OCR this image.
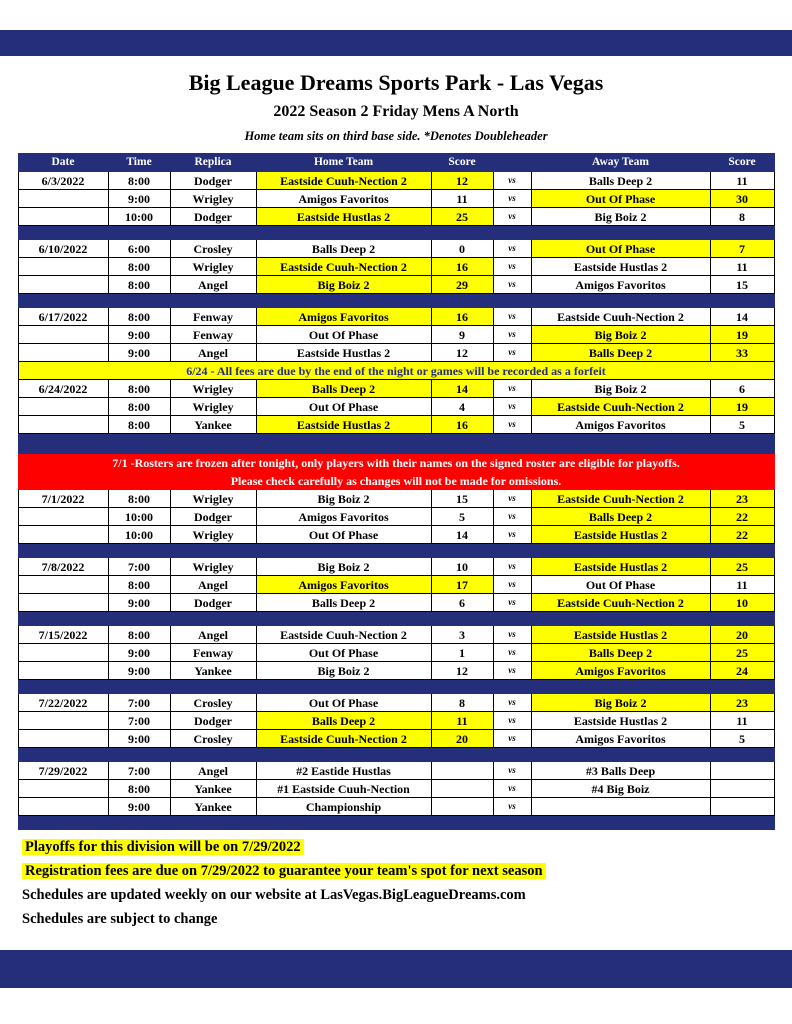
Big League Dreams Sports Park - Las Vegas
2022 Season 2 Friday Mens A North
Home team sits on third base side. *Denotes Doubleheader
Date	Time	Replica	Home Team	Score		Away Team	Score
6/3/2022	8:00	Dodger	Eastside Cuuh-Nection 2	12	vs	Balls Deep 2	11
	9:00	Wrigley	Amigos Favoritos	11	vs	Out Of Phase	30
	10:00	Dodger	Eastside Hustlas 2	25	vs	Big Boiz 2	8

6/10/2022	6:00	Crosley	Balls Deep 2	0	vs	Out Of Phase	7
	8:00	Wrigley	Eastside Cuuh-Nection 2	16	vs	Eastside Hustlas 2	11
	8:00	Angel	Big Boiz 2	29	vs	Amigos Favoritos	15

6/17/2022	8:00	Fenway	Amigos Favoritos	16	vs	Eastside Cuuh-Nection 2	14
	9:00	Fenway	Out Of Phase	9	vs	Big Boiz 2	19
	9:00	Angel	Eastside Hustlas 2	12	vs	Balls Deep 2	33
6/24 - All fees are due by the end of the night or games will be recorded as a forfeit							
6/24/2022	8:00	Wrigley	Balls Deep 2	14	vs	Big Boiz 2	6
	8:00	Wrigley	Out Of Phase	4	vs	Eastside Cuuh-Nection 2	19
	8:00	Yankee	Eastside Hustlas 2	16	vs	Amigos Favoritos	5

7/1 -Rosters are frozen after tonight, only players with their names on the signed roster are eligible for playoffs.							
Please check carefully as changes will not be made for omissions.							
7/1/2022	8:00	Wrigley	Big Boiz 2	15	vs	Eastside Cuuh-Nection 2	23
	10:00	Dodger	Amigos Favoritos	5	vs	Balls Deep 2	22
	10:00	Wrigley	Out Of Phase	14	vs	Eastside Hustlas 2	22

7/8/2022	7:00	Wrigley	Big Boiz 2	10	vs	Eastside Hustlas 2	25
	8:00	Angel	Amigos Favoritos	17	vs	Out Of Phase	11
	9:00	Dodger	Balls Deep 2	6	vs	Eastside Cuuh-Nection 2	10

7/15/2022	8:00	Angel	Eastside Cuuh-Nection 2	3	vs	Eastside Hustlas 2	20
	9:00	Fenway	Out Of Phase	1	vs	Balls Deep 2	25
	9:00	Yankee	Big Boiz 2	12	vs	Amigos Favoritos	24

7/22/2022	7:00	Crosley	Out Of Phase	8	vs	Big Boiz 2	23
	7:00	Dodger	Balls Deep 2	11	vs	Eastside Hustlas 2	11
	9:00	Crosley	Eastside Cuuh-Nection 2	20	vs	Amigos Favoritos	5

7/29/2022	7:00	Angel	#2 Eastide Hustlas		vs	#3 Balls Deep	
	8:00	Yankee	#1 Eastside Cuuh-Nection		vs	#4 Big Boiz	
	9:00	Yankee	Championship		vs		

Playoffs for this division will be on 7/29/2022
Registration fees are due on 7/29/2022 to guarantee your team's spot for next season
Schedules are updated weekly on our website at LasVegas.BigLeagueDreams.com
Schedules are subject to change
